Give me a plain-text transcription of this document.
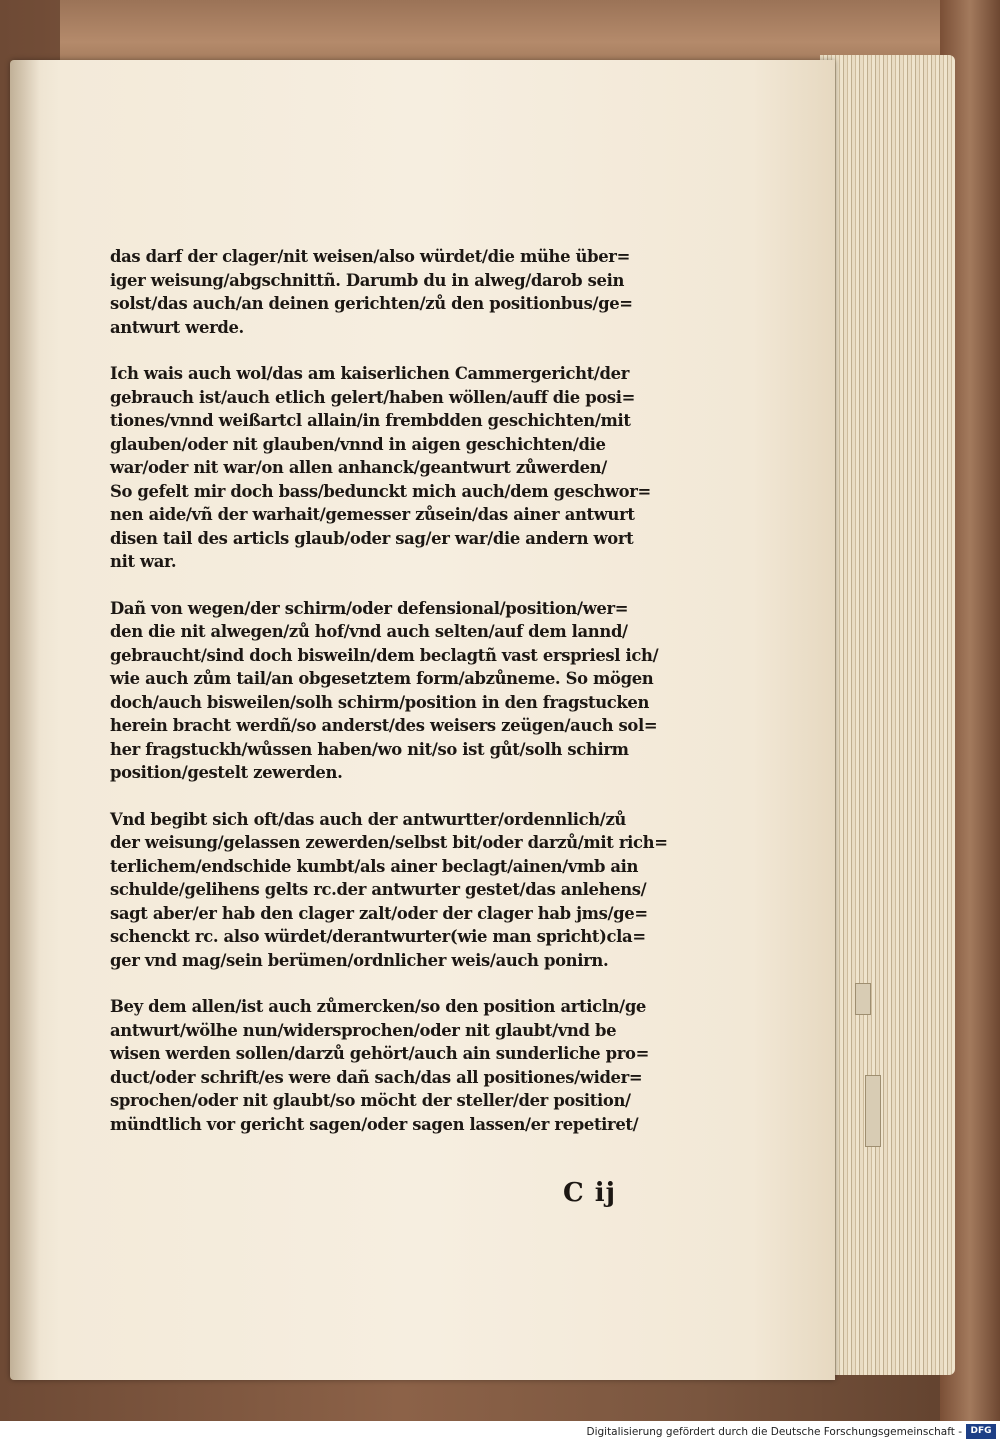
das darf der clager/nit weisen/also würdet/die mühe über=
iger weisung/abgschnittñ. Darumb du in alweg/darob sein
solst/das auch/an deinen gerichten/zů den positionbus/ge=
antwurt werde.

Ich wais auch wol/das am kaiserlichen Cammergericht/der
gebrauch ist/auch etlich gelert/haben wöllen/auff die posi=
tiones/vnnd weißartcl allain/in frembdden geschichten/mit
glauben/oder nit glauben/vnnd in aigen geschichten/die
war/oder nit war/on allen anhanck/geantwurt zůwerden/
So gefelt mir doch bass/bedunckt mich auch/dem geschwor=
nen aide/vñ der warhait/gemesser zůsein/das ainer antwurt
disen tail des articls glaub/oder sag/er war/die andern wort
nit war.

Dañ von wegen/der schirm/oder defensional/position/wer=
den die nit alwegen/zů hof/vnd auch selten/auf dem lannd/
gebraucht/sind doch bisweiln/dem beclagtñ vast erspriesl ich/
wie auch zům tail/an obgesetztem form/abzůneme. So mögen
doch/auch bisweilen/solh schirm/position in den fragstucken
herein bracht werdñ/so anderst/des weisers zeügen/auch sol=
her fragstuckh/wůssen haben/wo nit/so ist gůt/solh schirm
position/gestelt zewerden.

Vnd begibt sich oft/das auch der antwurtter/ordennlich/zů
der weisung/gelassen zewerden/selbst bit/oder darzů/mit rich=
terlichem/endschide kumbt/als ainer beclagt/ainen/vmb ain
schulde/gelihens gelts rc.der antwurter gestet/das anlehens/
sagt aber/er hab den clager zalt/oder der clager hab jms/ge=
schenckt rc. also würdet/derantwurter(wie man spricht)cla=
ger vnd mag/sein berümen/ordnlicher weis/auch ponirn.

Bey dem allen/ist auch zůmercken/so den position articln/ge
antwurt/wölhe nun/widersprochen/oder nit glaubt/vnd be
wisen werden sollen/darzů gehört/auch ain sunderliche pro=
duct/oder schrift/es were dañ sach/das all positiones/wider=
sprochen/oder nit glaubt/so möcht der steller/der position/
mündtlich vor gericht sagen/oder sagen lassen/er repetiret/

C ij
Digitalisierung gefördert durch die Deutsche Forschungsgemeinschaft - DFG
